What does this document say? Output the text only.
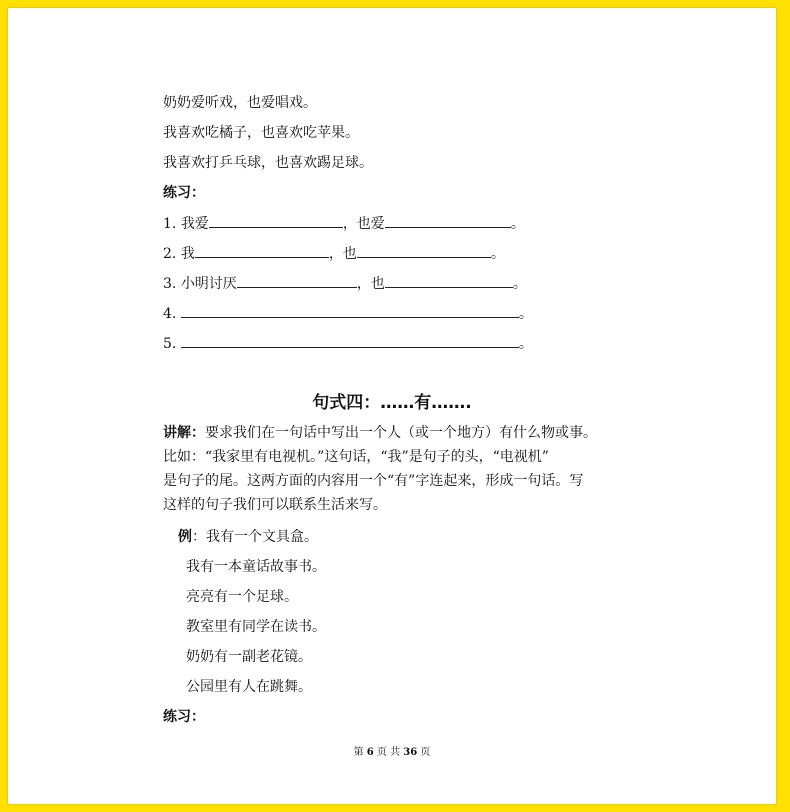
奶奶爱听戏，也爱唱戏。
我喜欢吃橘子，也喜欢吃苹果。
我喜欢打乒乓球，也喜欢踢足球。
练习：
1. 我爱	，也爱	。
2. 我	，也	。
3. 小明讨厌	，也	。
4.	。
5.	。
句式四：……有…….
讲解：要求我们在一句话中写出一个人（或一个地方）有什么物或事。
比如：“我家里有电视机。”这句话，“我”是句子的头，“电视机”
是句子的尾。这两方面的内容用一个“有”字连起来，形成一句话。写
这样的句子我们可以联系生活来写。
例：我有一个文具盒。
我有一本童话故事书。
亮亮有一个足球。
教室里有同学在读书。
奶奶有一副老花镜。
公园里有人在跳舞。
练习：
第 6 页 共 36 页
